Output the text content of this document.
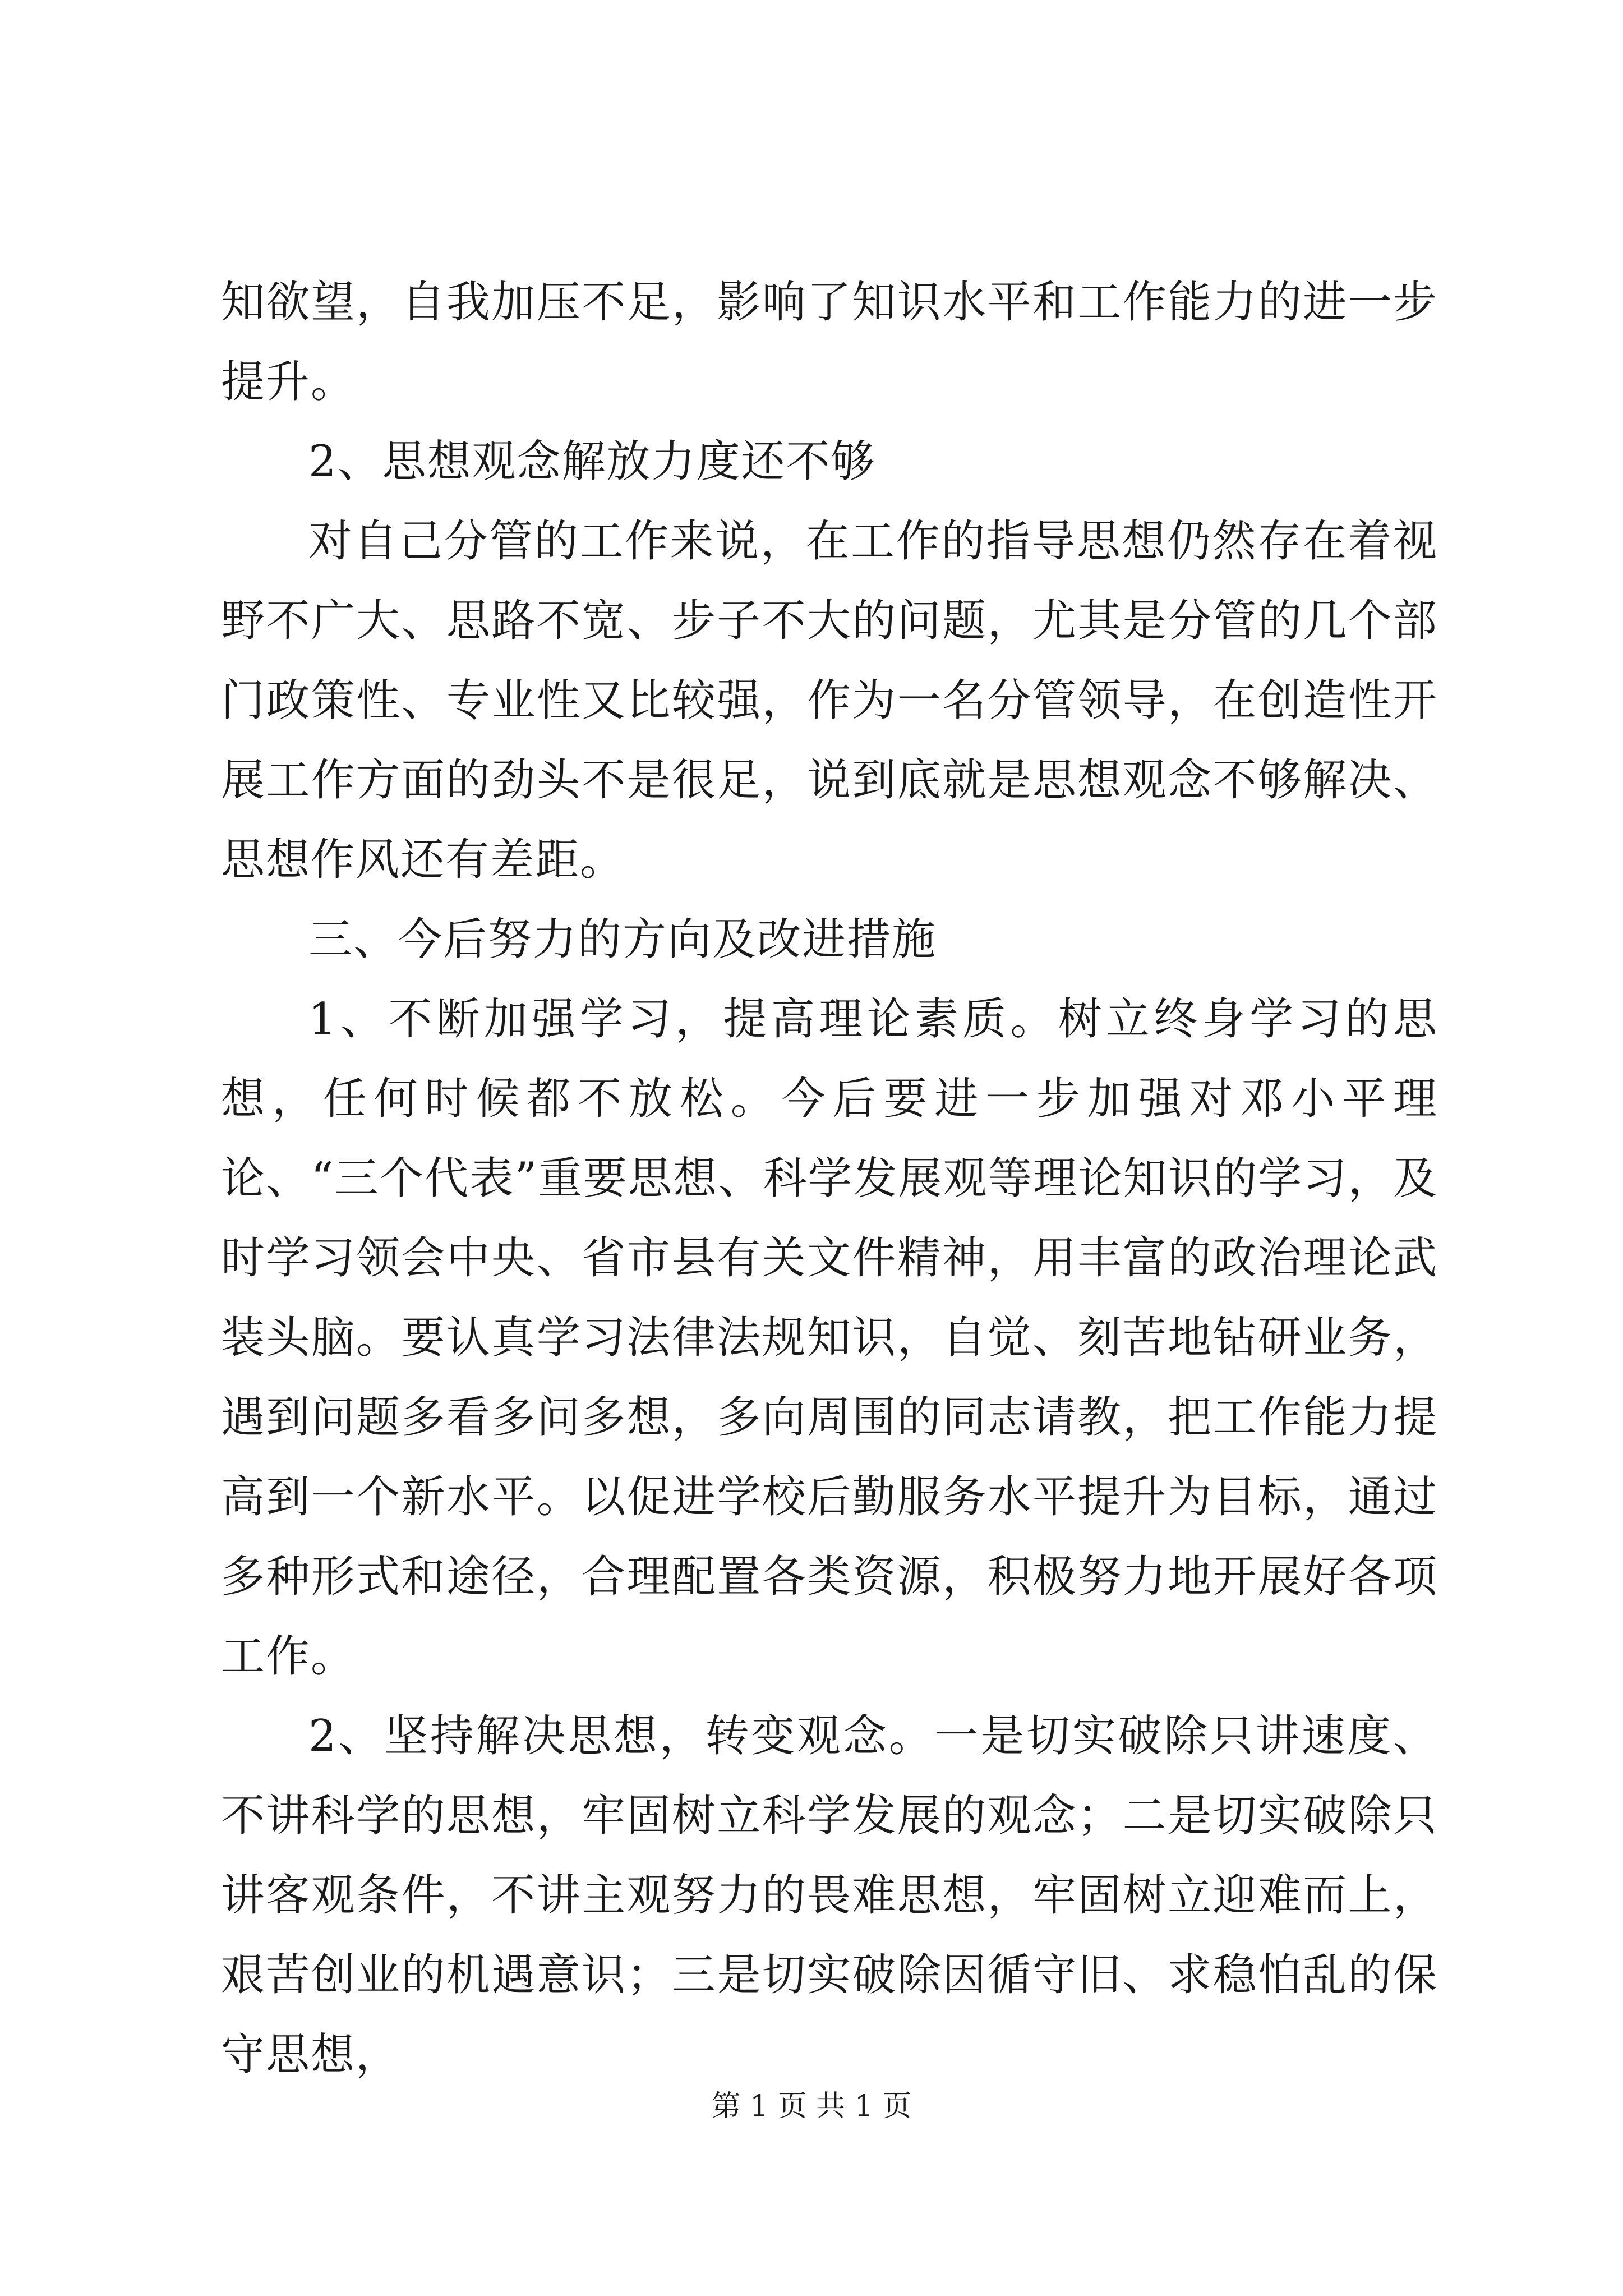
知欲望，自我加压不足，影响了知识水平和工作能力的进一步提升。

2、思想观念解放力度还不够

对自己分管的工作来说，在工作的指导思想仍然存在着视野不广大、思路不宽、步子不大的问题，尤其是分管的几个部门政策性、专业性又比较强，作为一名分管领导，在创造性开展工作方面的劲头不是很足，说到底就是思想观念不够解决、思想作风还有差距。

三、今后努力的方向及改进措施

1、不断加强学习，提高理论素质。树立终身学习的思想，任何时候都不放松。今后要进一步加强对邓小平理论、“三个代表”重要思想、科学发展观等理论知识的学习，及时学习领会中央、省市县有关文件精神，用丰富的政治理论武装头脑。要认真学习法律法规知识，自觉、刻苦地钻研业务，遇到问题多看多问多想，多向周围的同志请教，把工作能力提高到一个新水平。以促进学校后勤服务水平提升为目标，通过多种形式和途径，合理配置各类资源，积极努力地开展好各项工作。

2、坚持解决思想，转变观念。一是切实破除只讲速度、不讲科学的思想，牢固树立科学发展的观念；二是切实破除只讲客观条件，不讲主观努力的畏难思想，牢固树立迎难而上，艰苦创业的机遇意识；三是切实破除因循守旧、求稳怕乱的保守思想，

第 1 页 共 1 页
